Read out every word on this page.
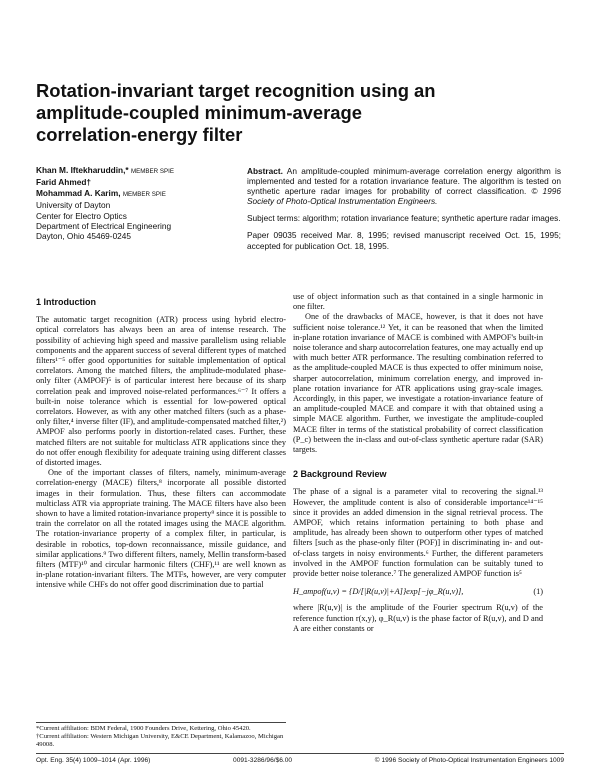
Rotation-invariant target recognition using an amplitude-coupled minimum-average correlation-energy filter
Khan M. Iftekharuddin,* MEMBER SPIE
Farid Ahmed†
Mohammad A. Karim, MEMBER SPIE
University of Dayton
Center for Electro Optics
Department of Electrical Engineering
Dayton, Ohio 45469-0245

Abstract. An amplitude-coupled minimum-average correlation energy algorithm is implemented and tested for a rotation invariance feature. The algorithm is tested on synthetic aperture radar images for probability of correct classification. © 1996 Society of Photo-Optical Instrumentation Engineers.

Subject terms: algorithm; rotation invariance feature; synthetic aperture radar images.

Paper 09035 received Mar. 8, 1995; revised manuscript received Oct. 15, 1995; accepted for publication Oct. 18, 1995.

1 Introduction

The automatic target recognition (ATR) process using hybrid electro-optical correlators has always been an area of intense research. The possibility of achieving high speed and massive parallelism using reliable components and the apparent success of several different types of matched filters¹⁻⁵ offer good opportunities for suitable implementation of optical correlators. Among the matched filters, the amplitude-modulated phase-only filter (AMPOF)⁵ is of particular interest here because of its sharp correlation peak and improved noise-related performances.⁶⁻⁷ It offers a built-in noise tolerance which is essential for low-powered optical correlators. However, as with any other matched filters (such as a phase-only filter,⁴ inverse filter (IF), and amplitude-compensated matched filter,²) AMPOF also performs poorly in distortion-related cases. Further, these matched filters are not suitable for multiclass ATR applications since they do not offer enough flexibility for adequate training using different classes of distorted images.

One of the important classes of filters, namely, minimum-average correlation-energy (MACE) filters,⁸ incorporate all possible distorted images in their formulation. Thus, these filters can accommodate multiclass ATR via appropriate training. The MACE filters have also been shown to have a limited rotation-invariance property⁹ since it is possible to train the correlator on all the rotated images using the MACE algorithm. The rotation-invariance property of a complex filter, in particular, is desirable in robotics, top-down reconnaissance, missile guidance, and similar applications.⁹ Two different filters, namely, Mellin transform-based filters (MTF)¹⁰ and circular harmonic filters (CHF),¹¹ are well known as in-plane rotation-invariant filters. The MTFs, however, are very computer intensive while CHFs do not offer good discrimination due to partial

use of object information such as that contained in a single harmonic in one filter.

One of the drawbacks of MACE, however, is that it does not have sufficient noise tolerance.¹² Yet, it can be reasoned that when the limited in-plane rotation invariance of MACE is combined with AMPOF's built-in noise tolerance and sharp autocorrelation features, one may actually end up with much better ATR performance. The resulting combination referred to as the amplitude-coupled MACE is thus expected to offer minimum noise, sharper autocorrelation, minimum correlation energy, and improved in-plane rotation invariance for ATR applications using gray-scale images. Accordingly, in this paper, we investigate a rotation-invariance feature of an amplitude-coupled MACE and compare it with that obtained using a simple MACE algorithm. Further, we investigate the amplitude-coupled MACE filter in terms of the statistical probability of correct classification (P_c) between the in-class and out-of-class synthetic aperture radar (SAR) targets.

2 Background Review

The phase of a signal is a parameter vital to recovering the signal.¹³ However, the amplitude content is also of considerable importance¹⁴⁻¹⁵ since it provides an added dimension in the signal retrieval process. The AMPOF, which retains information pertaining to both phase and amplitude, has already been shown to outperform other types of matched filters [such as the phase-only filter (POF)] in discriminating in- and out-of-class targets in noisy environments.⁶ Further, the different parameters involved in the AMPOF function formulation can be suitably tuned to provide better noise tolerance.⁷ The generalized AMPOF function is⁵

H_ampof(u,v) = {D/[|R(u,v)|+A]}exp[−jφ_R(u,v)],	(1)

where |R(u,v)| is the amplitude of the Fourier spectrum R(u,v) of the reference function r(x,y), φ_R(u,v) is the phase factor of R(u,v), and D and A are either constants or

*Current affiliation: BDM Federal, 1900 Founders Drive, Kettering, Ohio 45420.

†Current affiliation: Western Michigan University, E&CE Department, Kalamazoo, Michigan 49008.

Opt. Eng. 35(4) 1009–1014 (Apr. 1996)	0091-3286/96/$6.00	© 1996 Society of Photo-Optical Instrumentation Engineers 1009
